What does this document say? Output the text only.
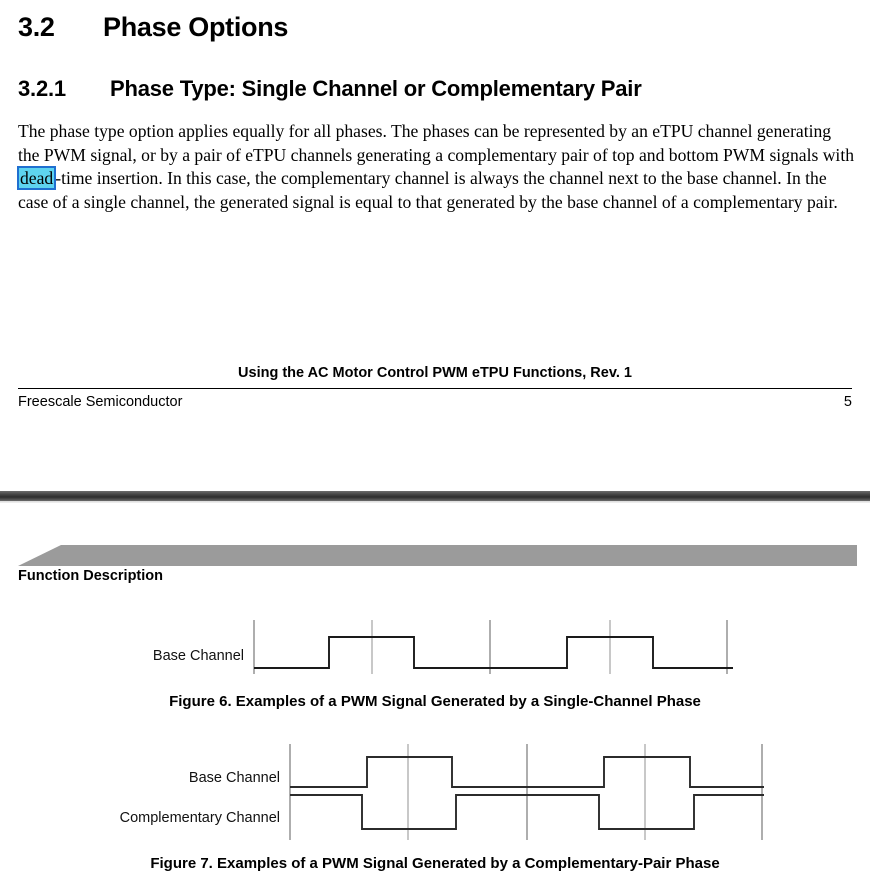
3.2 Phase Options
3.2.1 Phase Type: Single Channel or Complementary Pair
The phase type option applies equally for all phases. The phases can be represented by an eTPU channel generating the PWM signal, or by a pair of eTPU channels generating a complementary pair of top and bottom PWM signals with dead -time insertion. In this case, the complementary channel is always the channel next to the base channel. In the case of a single channel, the generated signal is equal to that generated by the base channel of a complementary pair.
Using the AC Motor Control PWM eTPU Functions, Rev. 1
Freescale Semiconductor	5
Function Description
Base Channel
Figure 6. Examples of a PWM Signal Generated by a Single-Channel Phase
Base Channel
Complementary Channel
Figure 7. Examples of a PWM Signal Generated by a Complementary-Pair Phase
